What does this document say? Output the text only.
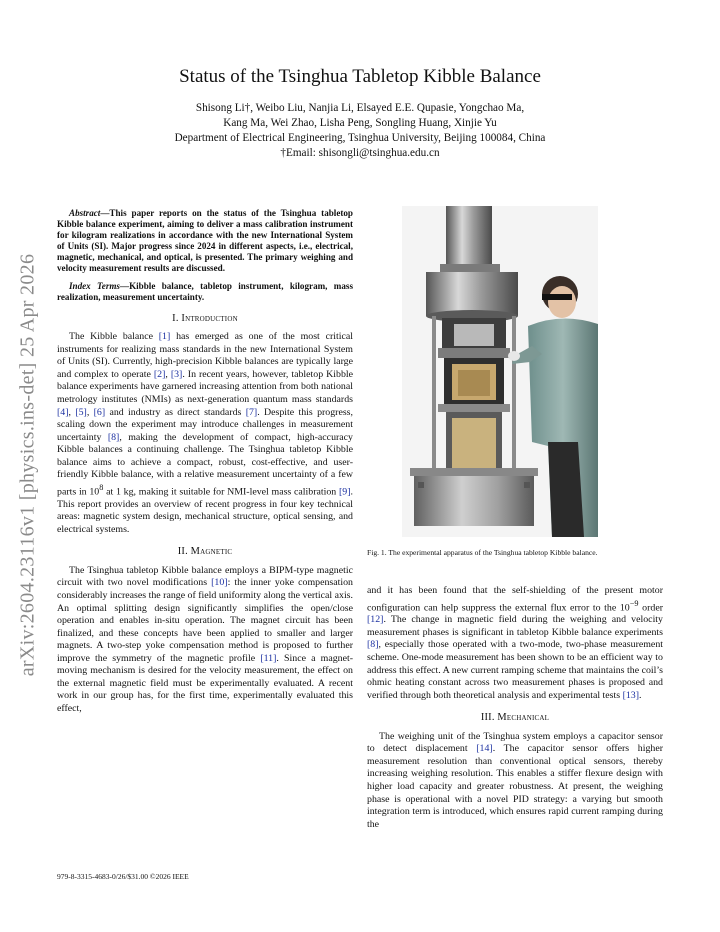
arXiv:2604.23116v1 [physics.ins-det] 25 Apr 2026
Status of the Tsinghua Tabletop Kibble Balance
Shisong Li†, Weibo Liu, Nanjia Li, Elsayed E.E. Qupasie, Yongchao Ma,
Kang Ma, Wei Zhao, Lisha Peng, Songling Huang, Xinjie Yu
Department of Electrical Engineering, Tsinghua University, Beijing 100084, China
†Email: shisongli@tsinghua.edu.cn

Abstract—This paper reports on the status of the Tsinghua tabletop Kibble balance experiment, aiming to deliver a mass calibration instrument for kilogram realizations in accordance with the new International System of Units (SI). Major progress since 2024 in different aspects, i.e., electrical, magnetic, mechanical, and optical, is presented. The primary weighing and velocity measurement results are discussed.

Index Terms—Kibble balance, tabletop instrument, kilogram, mass realization, measurement uncertainty.

I. Introduction

The Kibble balance [1] has emerged as one of the most critical instruments for realizing mass standards in the new International System of Units (SI). Currently, high-precision Kibble balances are typically large and complex to operate [2], [3]. In recent years, however, tabletop Kibble balance experiments have garnered increasing attention from both national metrology institutes (NMIs) as next-generation quantum mass standards [4], [5], [6] and industry as direct standards [7]. Despite this progress, scaling down the experiment may introduce challenges in measurement uncertainty [8], making the development of compact, high-accuracy Kibble balances a continuing challenge. The Tsinghua tabletop Kibble balance aims to achieve a compact, robust, cost-effective, and user-friendly Kibble balance, with a relative measurement uncertainty of a few parts in $10^8$ at 1 kg, making it suitable for NMI-level mass calibration [9]. This report provides an overview of recent progress in four key technical areas: magnetic system design, mechanical structure, optical sensing, and electrical systems.

II. Magnetic

The Tsinghua tabletop Kibble balance employs a BIPM-type magnetic circuit with two novel modifications [10]: the inner yoke compensation considerably increases the range of field uniformity along the vertical axis. An optimal splitting design significantly simplifies the open/close operation and enables in-situ operation. The magnet circuit has been finalized, and these concepts have been applied to smaller and larger magnets. A two-step yoke compensation method is proposed to further improve the symmetry of the magnetic profile [11]. Since a magnet-moving mechanism is desired for the velocity measurement, the effect on the external magnetic field must be experimentally evaluated. A recent work in our group has, for the first time, experimentally evaluated this effect,

Fig. 1. The experimental apparatus of the Tsinghua tabletop Kibble balance.

and it has been found that the self-shielding of the present motor configuration can help suppress the external flux error to the $10^{-9}$ order [12]. The change in magnetic field during the weighing and velocity measurement phases is significant in tabletop Kibble balance experiments [8], especially those operated with a two-mode, two-phase measurement scheme. One-mode measurement has been shown to be an efficient way to address this effect. A new current ramping scheme that maintains the coil’s ohmic heating constant across two measurement phases is proposed and verified through both theoretical analysis and experimental tests [13].

III. Mechanical

The weighing unit of the Tsinghua system employs a capacitor sensor to detect displacement [14]. The capacitor sensor offers higher measurement resolution than conventional optical sensors, thereby increasing weighing resolution. This enables a stiffer flexure design with higher load capacity and greater robustness. At present, the weighing phase is operational with a novel PID strategy: a varying but smooth integration term is introduced, which ensures rapid current ramping during the

979-8-3315-4683-0/26/$31.00 ©2026 IEEE
